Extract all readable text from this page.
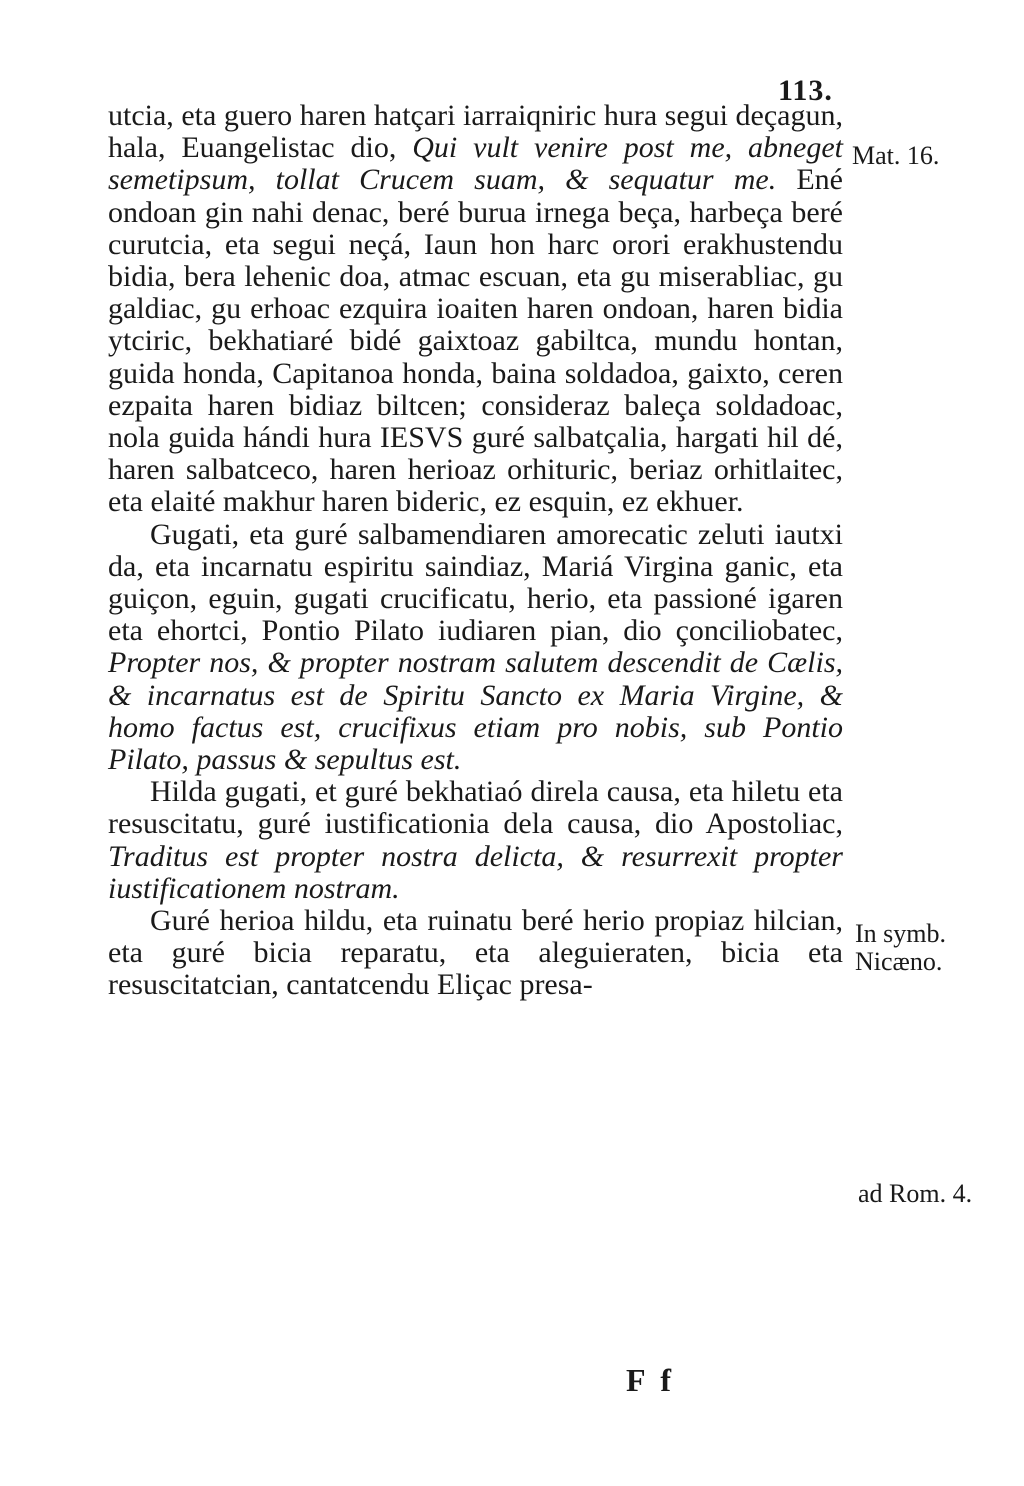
113.

utcia, eta guero haren hatçari iarraiqniric hura segui deçagun, hala, Euangelistac dio, Qui vult venire post me, abneget semetipsum, tollat Crucem suam, & sequatur me. Ené ondoan gin nahi denac, beré burua irnega beça, harbeça beré curutcia, eta segui neçá, Iaun hon harc orori erakhustendu bidia, bera lehenic doa, atmac escuan, eta gu miserabliac, gu galdiac, gu erhoac ezquira ioaiten haren ondoan, haren bidia ytciric, bekhatiaré bidé gaixtoaz gabiltca, mundu hontan, guida honda, Capitanoa honda, baina soldadoa, gaixto, ceren ezpaita haren bidiaz biltcen; consideraz baleça soldadoac, nola guida hándi hura IESVS guré salbatçalia, hargati hil dé, haren salbatceco, haren herioaz orhituric, beriaz orhitlaitec, eta elaité makhur haren bideric, ez esquin, ez ekhuer.

Gugati, eta guré salbamendiaren amorecatic zeluti iautxi da, eta incarnatu espiritu saindiaz, Mariá Virgina ganic, eta guiçon, eguin, gugati crucificatu, herio, eta passioné igaren eta ehortci, Pontio Pilato iudiaren pian, dio çonciliobatec, Propter nos, & propter nostram salutem descendit de Cælis, & incarnatus est de Spiritu Sancto ex Maria Virgine, & homo factus est, crucifixus etiam pro nobis, sub Pontio Pilato, passus & sepultus est.

Hilda gugati, et guré bekhatiaó direla causa, eta hiletu eta resuscitatu, guré iustificationia dela causa, dio Apostoliac, Traditus est propter nostra delicta, & resurrexit propter iustificationem nostram.

Guré herioa hildu, eta ruinatu beré herio propiaz hilcian, eta guré bicia reparatu, eta aleguieraten, bicia eta resuscitatcian, cantatcendu Eliçac presa-

Mat. 16.
In symb. Nicæno.
ad Rom. 4.
F f
